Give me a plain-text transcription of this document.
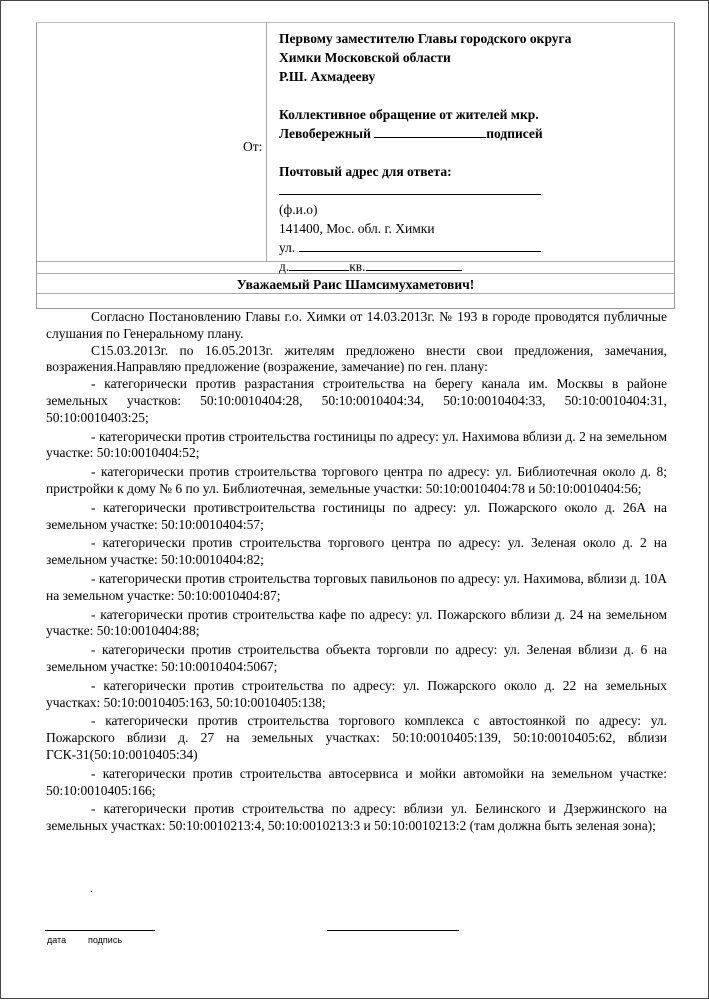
От:
Первому заместителю Главы городского округа
Химки Московской области
Р.Ш. Ахмадееву
Коллективное обращение от жителей мкр.
Левобережный	подписей
Почтовый адрес для ответа:
(ф.и.о)
141400, Мос. обл. г. Химки
ул.
д.	кв.
Уважаемый Раис Шамсимухаметович!

Согласно Постановлению Главы г.о. Химки от 14.03.2013г. № 193 в городе проводятся публичные слушания по Генеральному плану.

С15.03.2013г. по 16.05.2013г. жителям предложено внести свои предложения, замечания, возражения.Направляю предложение (возражение, замечание) по ген. плану:

- категорически против разрастания строительства на берегу канала им. Москвы в районе земельных участков: 50:10:0010404:28, 50:10:0010404:34, 50:10:0010404:33, 50:10:0010404:31, 50:10:0010403:25;

- категорически против строительства гостиницы по адресу: ул. Нахимова вблизи д. 2 на земельном участке: 50:10:0010404:52;

- категорически против строительства торгового центра по адресу: ул. Библиотечная около д. 8; пристройки к дому № 6 по ул. Библиотечная, земельные участки: 50:10:0010404:78 и 50:10:0010404:56;

- категорически противстроительства гостиницы по адресу: ул. Пожарского около д. 26А на земельном участке: 50:10:0010404:57;

- категорически против строительства торгового центра по адресу: ул. Зеленая около д. 2 на земельном участке: 50:10:0010404:82;

- категорически против строительства торговых павильонов по адресу: ул. Нахимова, вблизи д. 10А на земельном участке: 50:10:0010404:87;

- категорически против строительства кафе по адресу: ул. Пожарского вблизи д. 24 на земельном участке: 50:10:0010404:88;

- категорически против строительства объекта торговли по адресу: ул. Зеленая вблизи д. 6 на земельном участке: 50:10:0010404:5067;

- категорически против строительства по адресу: ул. Пожарского около д. 22 на земельных участках: 50:10:0010405:163, 50:10:0010405:138;

- категорически против строительства торгового комплекса с автостоянкой по адресу: ул. Пожарского вблизи д. 27 на земельных участках: 50:10:0010405:139, 50:10:0010405:62, вблизи ГСК-31(50:10:0010405:34)

- категорически против строительства автосервиса и мойки автомойки на земельном участке: 50:10:0010405:166;

- категорически против строительства по адресу: вблизи ул. Белинского и Дзержинского на земельных участках: 50:10:0010213:4, 50:10:0010213:3 и 50:10:0010213:2 (там должна быть зеленая зона);

.
дата подпись
